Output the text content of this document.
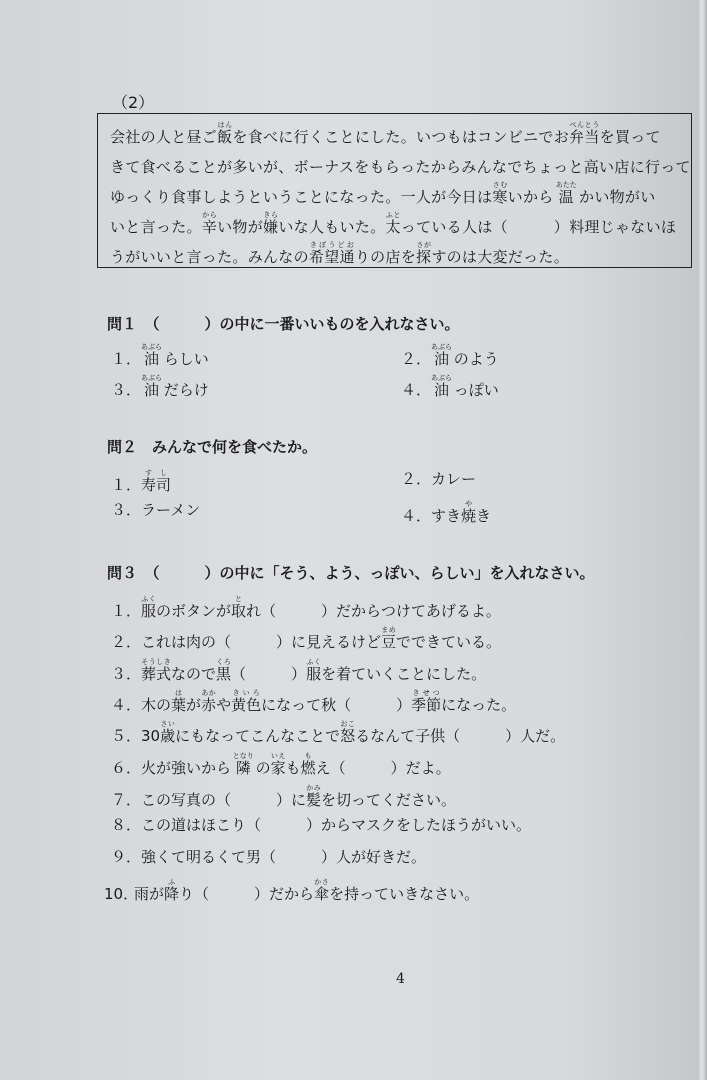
（2）
会社の人と昼ご飯はんを食べに行くことにした。いつもはコンビニでお弁当べんとうを買って
きて食べることが多いが、ボーナスをもらったからみんなでちょっと高い店に行って
ゆっくり食事しようということになった。一人が今日は寒さむいから 温あたた かい物がい
いと言った。辛からい物が嫌きらいな人もいた。太ふとっている人は（　　　）料理じゃないほ
うがいいと言った。みんなの希望通きぼうどおりの店を探さがすのは大変だった。
問１　（　　　）の中に一番いいものを入れなさい。
１．油あぶら らしい	２．油あぶら のよう
３．油あぶら だらけ	４．油あぶら っぽい
問２　みんなで何を食べたか。
１．寿司すし	２．カレー
３．ラーメン	４．すき焼やき
問３　（　　　）の中に「そう、よう、っぽい、らしい」を入れなさい。
１．服ふくのボタンが取とれ（　　　）だからつけてあげるよ。
２．これは肉の（　　　）に見えるけど豆まめでできている。
３．葬式そうしきなので黒くろ（　　　）服ふくを着ていくことにした。
４．木の葉はが赤あかや黄色きいろになって秋（　　　）季節きせつになった。
５．30歳さいにもなってこんなことで怒おこるなんて子供（　　　）人だ。
６．火が強いから 隣となり の家いえも燃もえ（　　　）だよ。
７．この写真の（　　　）に髪かみを切ってください。
８．この道はほこり（　　　）からマスクをしたほうがいい。
９．強くて明るくて男（　　　）人が好きだ。
10．雨が降ふり（　　　）だから傘かさを持っていきなさい。
4
